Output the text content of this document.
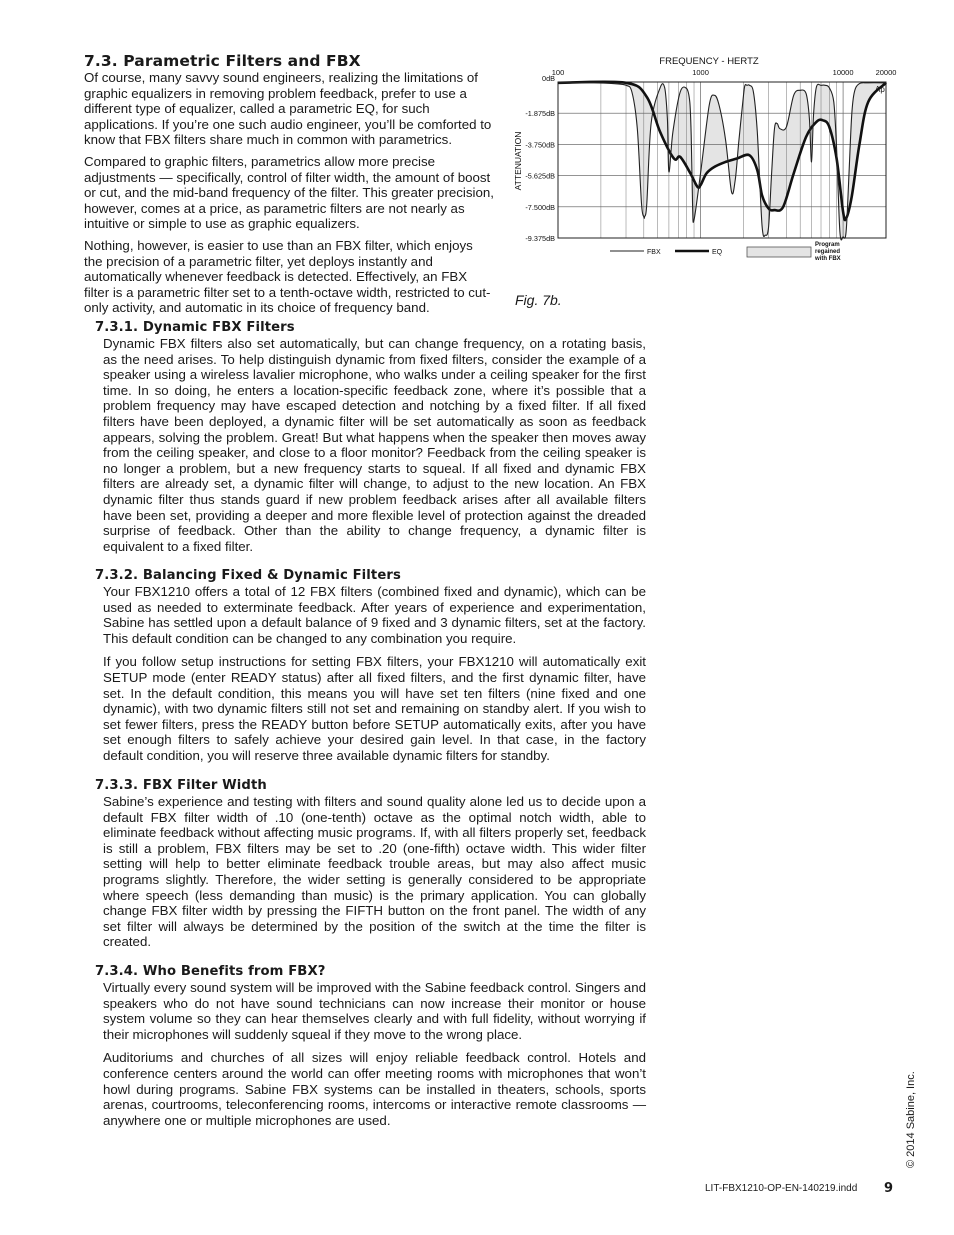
7.3. Parametric Filters and FBX

Of course, many savvy sound engineers, realizing the limitations of graphic equalizers in removing problem feedback, prefer to use a different type of equalizer, called a parametric EQ, for such applications. If you’re one such audio engineer, you’ll be comforted to know that FBX filters share much in common with parametrics.

Compared to graphic filters, parametrics allow more precise adjustments — specifically, control of filter width, the amount of boost or cut, and the mid-band frequency of the filter. This greater precision, however, comes at a price, as parametric filters are not nearly as intuitive or simple to use as graphic equalizers.

Nothing, however, is easier to use than an FBX filter, which enjoys the precision of a parametric filter, yet deploys instantly and automatically whenever feedback is detected. Effectively, an FBX filter is a parametric filter set to a tenth-octave width, restricted to cut-only activity, and automatic in its choice of frequency band.

FREQUENCY - HERTZ
100	1000	10000	20000
0dB
-1.875dB
-3.750dB
-5.625dB
-7.500dB
-9.375dB
ATTENUATION
Ap
FBX	EQ
Program
regained
with FBX
Fig. 7b.
7.3.1. Dynamic FBX Filters

Dynamic FBX filters also set automatically, but can change frequency, on a rotating basis, as the need arises. To help distinguish dynamic from fixed filters, consider the example of a speaker using a wireless lavalier microphone, who walks under a ceiling speaker for the first time. In so doing, he enters a location-specific feedback zone, where it’s possible that a problem frequency may have escaped detection and notching by a fixed filter. If all fixed filters have been deployed, a dynamic filter will be set automatically as soon as feedback appears, solving the problem. Great! But what happens when the speaker then moves away from the ceiling speaker, and close to a floor monitor? Feedback from the ceiling speaker is no longer a problem, but a new frequency starts to squeal. If all fixed and dynamic FBX filters are already set, a dynamic filter will change, to adjust to the new location. An FBX dynamic filter thus stands guard if new problem feedback arises after all available filters have been set, providing a deeper and more flexible level of protection against the dreaded surprise of feedback. Other than the ability to change frequency, a dynamic filter is equivalent to a fixed filter.

7.3.2. Balancing Fixed & Dynamic Filters

Your FBX1210 offers a total of 12 FBX filters (combined fixed and dynamic), which can be used as needed to exterminate feedback. After years of experience and experimentation, Sabine has settled upon a default balance of 9 fixed and 3 dynamic filters, set at the factory. This default condition can be changed to any combination you require.

If you follow setup instructions for setting FBX filters, your FBX1210 will automatically exit SETUP mode (enter READY status) after all fixed filters, and the first dynamic filter, have set. In the default condition, this means you will have set ten filters (nine fixed and one dynamic), with two dynamic filters still not set and remaining on standby alert. If you wish to set fewer filters, press the READY button before SETUP automatically exits, after you have set enough filters to safely achieve your desired gain level. In that case, in the factory default condition, you will reserve three available dynamic filters for standby.

7.3.3. FBX Filter Width

Sabine’s experience and testing with filters and sound quality alone led us to decide upon a default FBX filter width of .10 (one-tenth) octave as the optimal notch width, able to eliminate feedback without affecting music programs. If, with all filters properly set, feedback is still a problem, FBX filters may be set to .20 (one-fifth) octave width. This wider filter setting will help to better eliminate feedback trouble areas, but may also affect music programs slightly. Therefore, the wider setting is generally considered to be appropriate where speech (less demanding than music) is the primary application. You can globally change FBX filter width by pressing the FIFTH button on the front panel. The width of any set filter will always be determined by the position of the switch at the time the filter is created.

7.3.4. Who Benefits from FBX?

Virtually every sound system will be improved with the Sabine feedback control. Singers and speakers who do not have sound technicians can now increase their monitor or house system volume so they can hear themselves clearly and with full fidelity, without worrying if their microphones will suddenly squeal if they move to the wrong place.

Auditoriums and churches of all sizes will enjoy reliable feedback control. Hotels and conference centers around the world can offer meeting rooms with microphones that won’t howl during programs. Sabine FBX systems can be installed in theaters, schools, sports arenas, courtrooms, teleconferencing rooms, intercoms or interactive remote classrooms — anywhere one or multiple microphones are used.	© 2014 Sabine, Inc.
LIT-FBX1210-OP-EN-140219.indd 9
